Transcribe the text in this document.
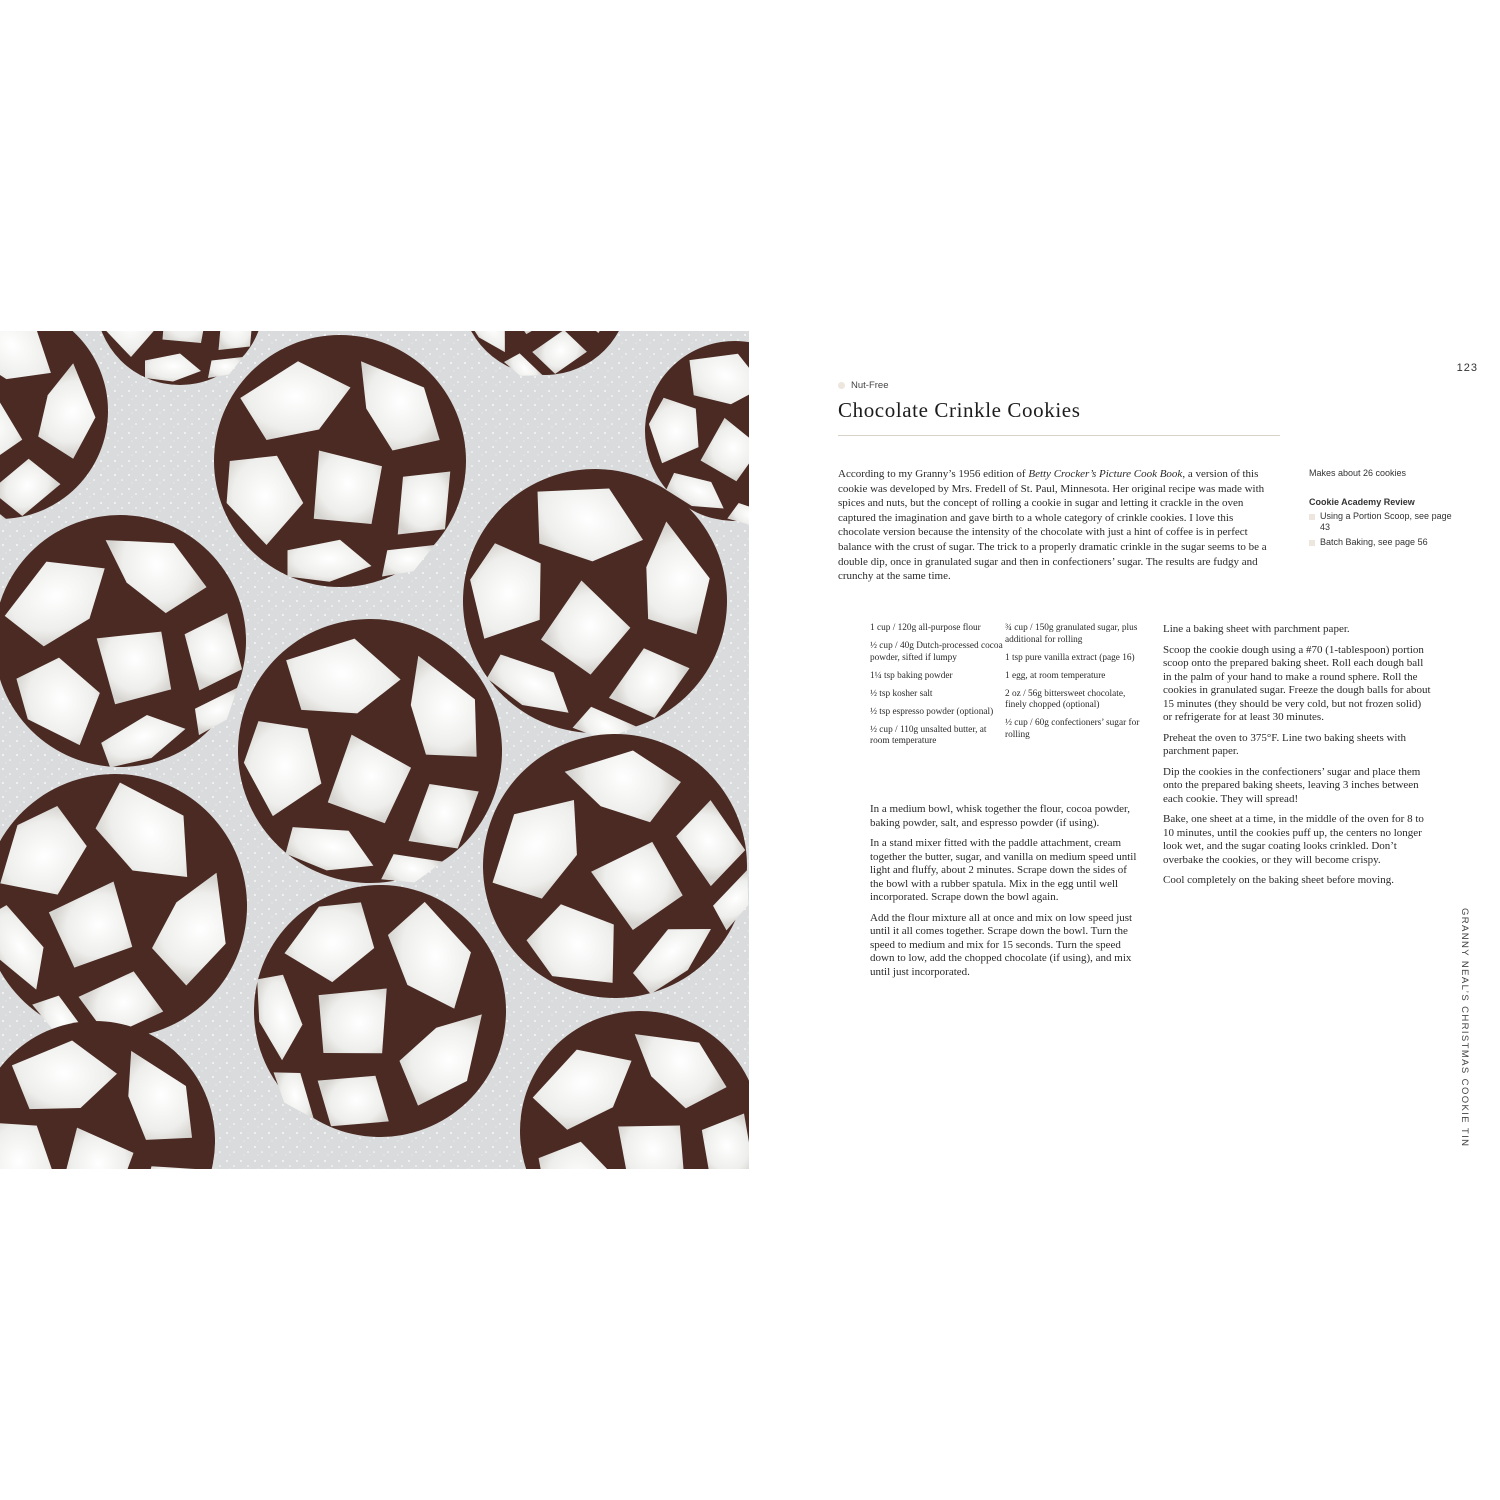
123
Nut-Free
Chocolate Crinkle Cookies

According to my Granny’s 1956 edition of Betty Crocker’s Picture Cook Book, a version of this cookie was developed by Mrs. Fredell of St. Paul, Minnesota. Her original recipe was made with spices and nuts, but the concept of rolling a cookie in sugar and letting it crackle in the oven captured the imagination and gave birth to a whole category of crinkle cookies. I love this chocolate version because the intensity of the chocolate with just a hint of coffee is in perfect balance with the crust of sugar. The trick to a properly dramatic crinkle in the sugar seems to be a double dip, once in granulated sugar and then in confectioners’ sugar. The results are fudgy and crunchy at the same time.

Makes about 26 cookies
Cookie Academy Review
Using a Portion Scoop, see page 43
Batch Baking, see page 56

1 cup / 120g all-purpose flour

½ cup / 40g Dutch-processed cocoa powder, sifted if lumpy

1¼ tsp baking powder

½ tsp kosher salt

½ tsp espresso powder (optional)

½ cup / 110g unsalted butter, at room temperature

¾ cup / 150g granulated sugar, plus additional for rolling

1 tsp pure vanilla extract (page 16)

1 egg, at room temperature

2 oz / 56g bittersweet chocolate, finely chopped (optional)

½ cup / 60g confectioners’ sugar for rolling

In a medium bowl, whisk together the flour, cocoa powder, baking powder, salt, and espresso powder (if using).

In a stand mixer fitted with the paddle attachment, cream together the butter, sugar, and vanilla on medium speed until light and fluffy, about 2 minutes. Scrape down the sides of the bowl with a rubber spatula. Mix in the egg until well incorporated. Scrape down the bowl again.

Add the flour mixture all at once and mix on low speed just until it all comes together. Scrape down the bowl. Turn the speed to medium and mix for 15 seconds. Turn the speed down to low, add the chopped chocolate (if using), and mix until just incorporated.

Line a baking sheet with parchment paper.

Scoop the cookie dough using a #70 (1-tablespoon) portion scoop onto the prepared baking sheet. Roll each dough ball in the palm of your hand to make a round sphere. Roll the cookies in granulated sugar. Freeze the dough balls for about 15 minutes (they should be very cold, but not frozen solid) or refrigerate for at least 30 minutes.

Preheat the oven to 375°F. Line two baking sheets with parchment paper.

Dip the cookies in the confectioners’ sugar and place them onto the prepared baking sheets, leaving 3 inches between each cookie. They will spread!

Bake, one sheet at a time, in the middle of the oven for 8 to 10 minutes, until the cookies puff up, the centers no longer look wet, and the sugar coating looks crinkled. Don’t overbake the cookies, or they will become crispy.

Cool completely on the baking sheet before moving.

GRANNY NEAL’S CHRISTMAS COOKIE TIN
